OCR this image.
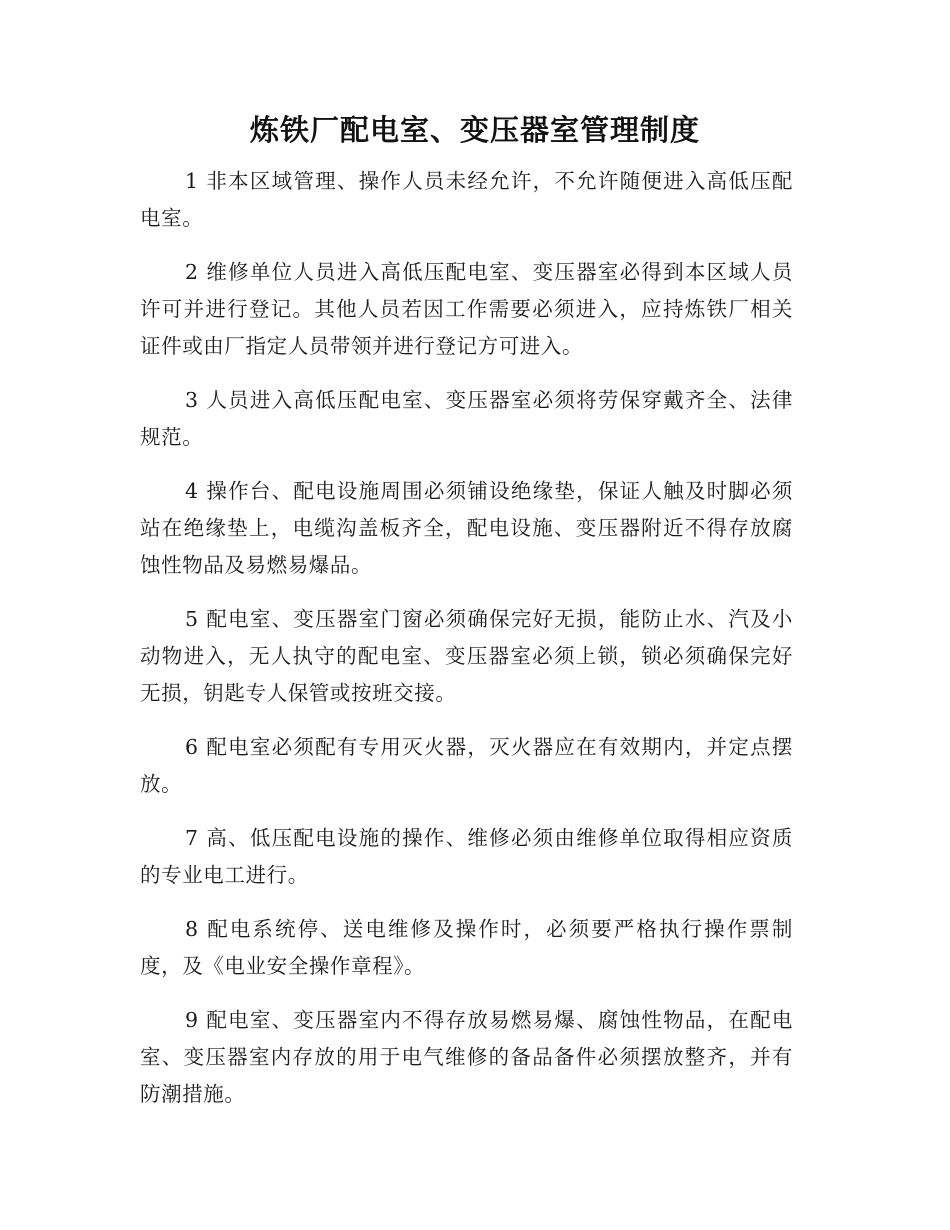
炼铁厂配电室、变压器室管理制度

1 非本区域管理、操作人员未经允许，不允许随便进入高低压配电室。

2 维修单位人员进入高低压配电室、变压器室必得到本区域人员许可并进行登记。其他人员若因工作需要必须进入，应持炼铁厂相关证件或由厂指定人员带领并进行登记方可进入。

3 人员进入高低压配电室、变压器室必须将劳保穿戴齐全、法律规范。

4 操作台、配电设施周围必须铺设绝缘垫，保证人触及时脚必须站在绝缘垫上，电缆沟盖板齐全，配电设施、变压器附近不得存放腐蚀性物品及易燃易爆品。

5 配电室、变压器室门窗必须确保完好无损，能防止水、汽及小动物进入，无人执守的配电室、变压器室必须上锁，锁必须确保完好无损，钥匙专人保管或按班交接。

6 配电室必须配有专用灭火器，灭火器应在有效期内，并定点摆放。

7 高、低压配电设施的操作、维修必须由维修单位取得相应资质的专业电工进行。

8 配电系统停、送电维修及操作时，必须要严格执行操作票制度，及《电业安全操作章程》。

9 配电室、变压器室内不得存放易燃易爆、腐蚀性物品，在配电室、变压器室内存放的用于电气维修的备品备件必须摆放整齐，并有防潮措施。
